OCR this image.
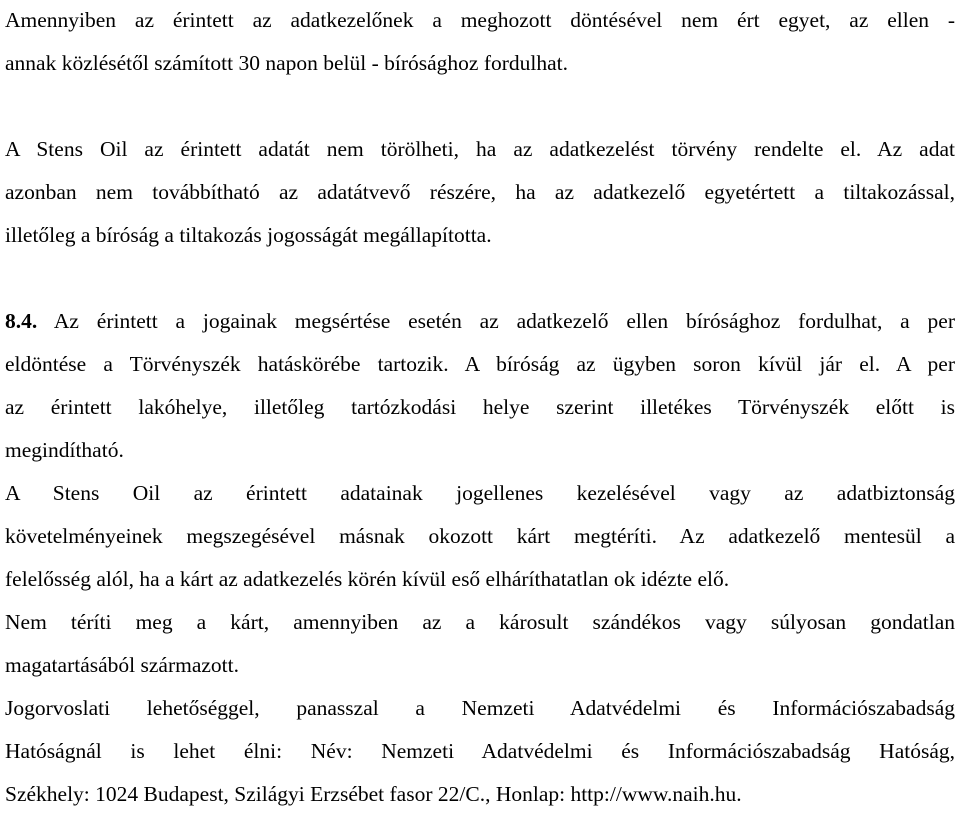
Amennyiben az érintett az adatkezelőnek a meghozott döntésével nem ért egyet, az ellen -
annak közlésétől számított 30 napon belül - bírósághoz fordulhat.

A Stens Oil az érintett adatát nem törölheti, ha az adatkezelést törvény rendelte el. Az adat
azonban nem továbbítható az adatátvevő részére, ha az adatkezelő egyetértett a tiltakozással,
illetőleg a bíróság a tiltakozás jogosságát megállapította.

8.4. Az érintett a jogainak megsértése esetén az adatkezelő ellen bírósághoz fordulhat, a per
eldöntése a Törvényszék hatáskörébe tartozik. A bíróság az ügyben soron kívül jár el. A per
az érintett lakóhelye, illetőleg tartózkodási helye szerint illetékes Törvényszék előtt is
megindítható.

A Stens Oil az érintett adatainak jogellenes kezelésével vagy az adatbiztonság
követelményeinek megszegésével másnak okozott kárt megtéríti. Az adatkezelő mentesül a
felelősség alól, ha a kárt az adatkezelés körén kívül eső elháríthatatlan ok idézte elő.

Nem téríti meg a kárt, amennyiben az a károsult szándékos vagy súlyosan gondatlan
magatartásából származott.

Jogorvoslati lehetőséggel, panasszal a Nemzeti Adatvédelmi és Információszabadság
Hatóságnál is lehet élni: Név: Nemzeti Adatvédelmi és Információszabadság Hatóság,
Székhely: 1024 Budapest, Szilágyi Erzsébet fasor 22/C., Honlap: http://www.naih.hu.
